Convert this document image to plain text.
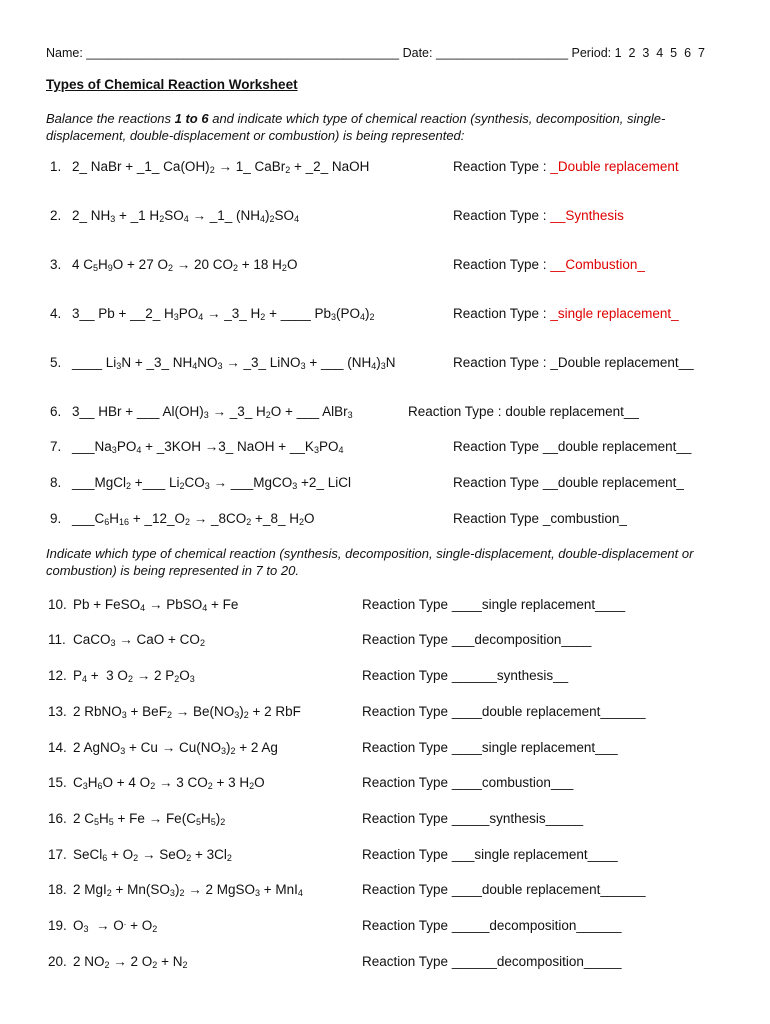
Name: _____________________________________________ Date: ___________________ Period: 1  2  3  4  5  6  7
Types of Chemical Reaction Worksheet
Balance the reactions 1 to 6 and indicate which type of chemical reaction (synthesis, decomposition, single-displacement, double-displacement or combustion) is being represented:
1. 2_ NaBr + _1_ $Ca(OH)_2$ → 1_ CaBr$_2$ + _2_ NaOH	Reaction Type : _Double replacement
2. 2_ $NH_3$ + _1 $H_2SO_4$ → _1_ $(NH_4)_2SO_4$	Reaction Type : __Synthesis
3. 4 $C_5H_9O + 27$ $O_2 \to 20$ $CO_2 + 18$ $H_2O$	Reaction Type : __Combustion_
4. 3__ Pb + __2_ $H_3PO_4$ → _3_ $H_2$ + ____ $Pb_3(PO_4)_2$	Reaction Type : _single replacement_
5. ____ $Li_3N$ + _3_ $NH_4NO_3$ → _3_ LiNO$_3$ + ___ $(NH_4)_3N$	Reaction Type : _Double replacement__
6. 3__ HBr + ___ $Al(OH)_3$ → _3_ $H_2O$ + ___ AlBr$_3$	Reaction Type : double replacement__
7. $\_\_\_Na_3PO_4$ + _3KOH →3_ NaOH + $\_\_K_3PO_4$	Reaction Type __double replacement__
8. ___MgCl$_2$ +___ $Li_2CO_3$ → ___MgCO$_3$ +2_ LiCl	Reaction Type __double replacement_
9. $\_\_\_C_6H_{16}$ + $\_12\_O_2$ → $\_8CO_2$ +_8_ $H_2O$	Reaction Type _combustion_
10. Pb + FeSO$_4$ → PbSO$_4$ + Fe	Reaction Type ____single replacement____
11. CaCO$_3$ → CaO + $CO_2$	Reaction Type ___decomposition____
12. $P_4 + 3$ $O_2 \to 2$ $P_2O_3$	Reaction Type ______synthesis__
13. 2 RbNO$_3$ + $BeF_2 \to Be(NO_3)_2 + 2$ RbF	Reaction Type ____double replacement______
14. 2 AgNO$_3$ + $Cu \to Cu(NO_3)_2 + 2$ Ag	Reaction Type ____single replacement___
15. $C_3H_6O + 4$ $O_2 \to 3$ $CO_2 + 3$ $H_2O$	Reaction Type ____combustion___
16. 2 $C_5H_5 + Fe \to Fe(C_5H_5)_2$	Reaction Type _____synthesis_____
17. SeCl$_6$ + $O_2 \to SeO_2 + 3Cl_2$	Reaction Type ___single replacement____
18. 2 $MgI_2 + Mn(SO_3)_2 \to 2$ MgSO$_3$ + MnI$_4$	Reaction Type ____double replacement______
19. $O_3 \to O^. + O_2$	Reaction Type _____decomposition______
20. 2 $NO_2 \to 2$ $O_2 + N_2$	Reaction Type ______decomposition_____
Indicate which type of chemical reaction (synthesis, decomposition, single-displacement, double-displacement or combustion) is being represented in 7 to 20.
